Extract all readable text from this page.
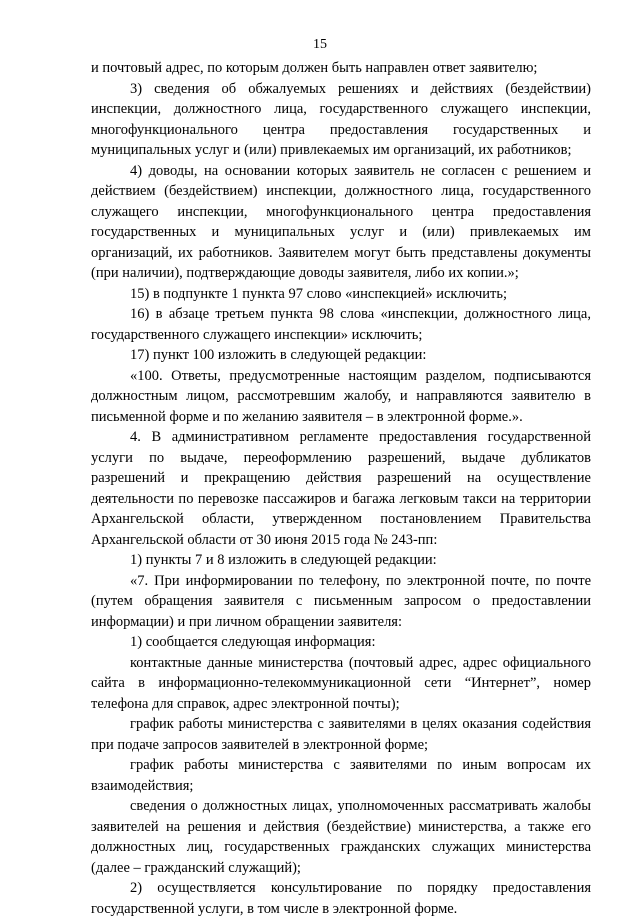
15

и почтовый адрес, по которым должен быть направлен ответ заявителю;

3) сведения об обжалуемых решениях и действиях (бездействии) инспекции, должностного лица, государственного служащего инспекции, многофункционального центра предоставления государственных и муниципальных услуг и (или) привлекаемых им организаций, их работников;

4) доводы, на основании которых заявитель не согласен с решением и действием (бездействием) инспекции, должностного лица, государственного служащего инспекции, многофункционального центра предоставления государственных и муниципальных услуг и (или) привлекаемых им организаций, их работников. Заявителем могут быть представлены документы (при наличии), подтверждающие доводы заявителя, либо их копии.»;

15) в подпункте 1 пункта 97 слово «инспекцией» исключить;

16) в абзаце третьем пункта 98 слова «инспекции, должностного лица, государственного служащего инспекции» исключить;

17) пункт 100 изложить в следующей редакции:

«100. Ответы, предусмотренные настоящим разделом, подписываются должностным лицом, рассмотревшим жалобу, и направляются заявителю в письменной форме и по желанию заявителя – в электронной форме.».

4. В административном регламенте предоставления государственной услуги по выдаче, переоформлению разрешений, выдаче дубликатов разрешений и прекращению действия разрешений на осуществление деятельности по перевозке пассажиров и багажа легковым такси на территории Архангельской области, утвержденном постановлением Правительства Архангельской области от 30 июня 2015 года № 243-пп:

1) пункты 7 и 8 изложить в следующей редакции:

«7. При информировании по телефону, по электронной почте, по почте (путем обращения заявителя с письменным запросом о предоставлении информации) и при личном обращении заявителя:

1) сообщается следующая информация:

контактные данные министерства (почтовый адрес, адрес официального сайта в информационно-телекоммуникационной сети “Интернет”, номер телефона для справок, адрес электронной почты);

график работы министерства с заявителями в целях оказания содействия при подаче запросов заявителей в электронной форме;

график работы министерства с заявителями по иным вопросам их взаимодействия;

сведения о должностных лицах, уполномоченных рассматривать жалобы заявителей на решения и действия (бездействие) министерства, а также его должностных лиц, государственных гражданских служащих министерства (далее – гражданский служащий);

2) осуществляется консультирование по порядку предоставления государственной услуги, в том числе в электронной форме.
